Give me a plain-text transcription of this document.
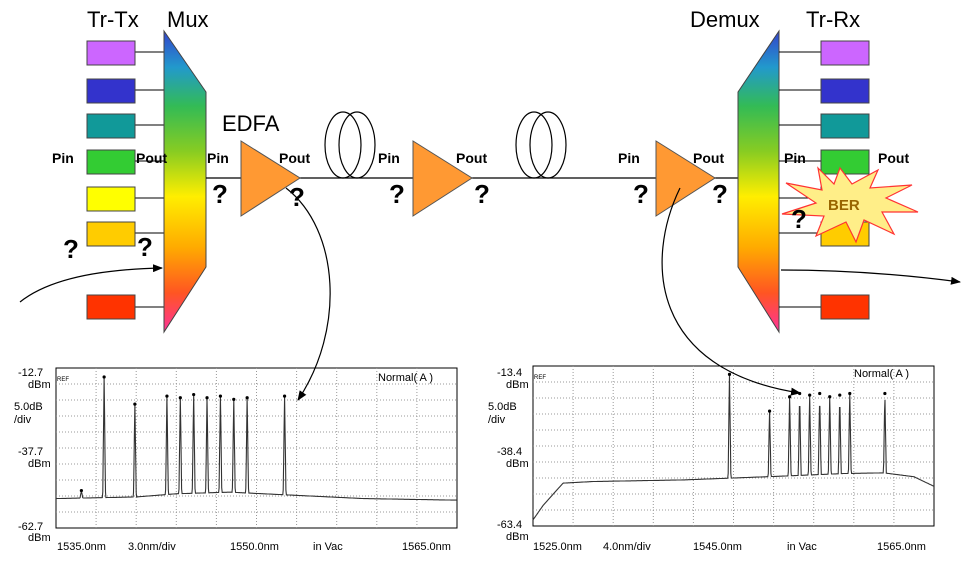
Tr-Tx Mux
EDFA
Demux Tr-Rx
BER
Pin	Pout	Pin	Pout	Pin	Pout	Pin	Pout	Pin	Pout
? ?
? ?	?	?	? ?
?
-12.7
REF
dBm
5.0dB
/div
-37.7
dBm
-62.7
dBm
Normal( A )
1535.0nm 3.0nm/div	1550.0nm	in Vac	1565.0nm
-13.4 REF
dBm
5.0dB
/div
-38.4
dBm
-63.4
dBm
Normal( A )
1525.0nm 4.0nm/div	1545.0nm	in Vac	1565.0nm
